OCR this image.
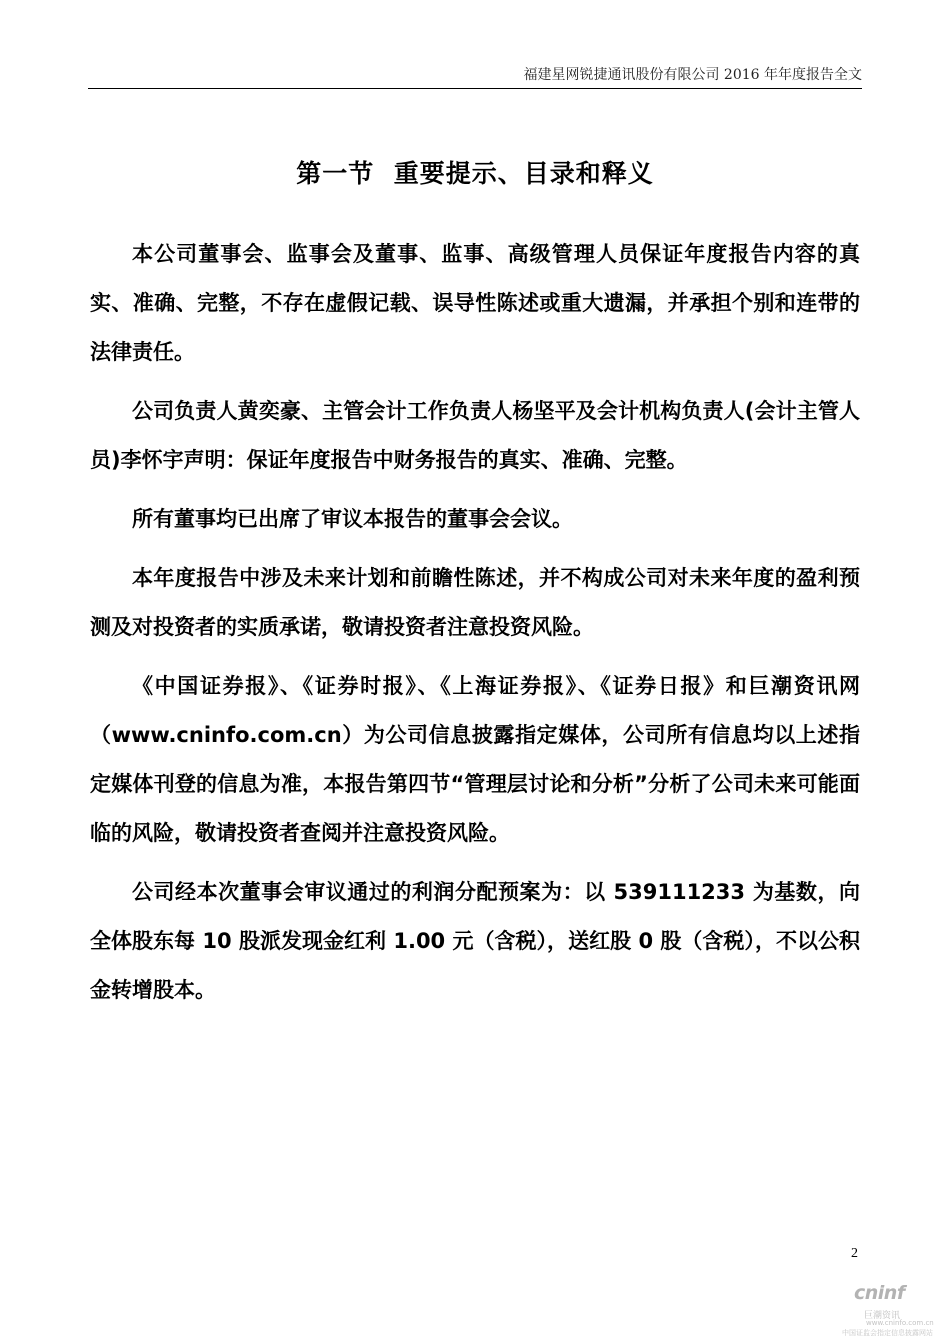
福建星网锐捷通讯股份有限公司 2016 年年度报告全文
第一节  重要提示、目录和释义

本公司董事会、监事会及董事、监事、高级管理人员保证年度报告内容的真实、准确、完整，不存在虚假记载、误导性陈述或重大遗漏，并承担个别和连带的法律责任。

公司负责人黄奕豪、主管会计工作负责人杨坚平及会计机构负责人(会计主管人员)李怀宇声明：保证年度报告中财务报告的真实、准确、完整。

所有董事均已出席了审议本报告的董事会会议。

本年度报告中涉及未来计划和前瞻性陈述，并不构成公司对未来年度的盈利预测及对投资者的实质承诺，敬请投资者注意投资风险。

《中国证券报》、《证券时报》、《上海证券报》、《证券日报》和巨潮资讯网（www.cninfo.com.cn）为公司信息披露指定媒体，公司所有信息均以上述指定媒体刊登的信息为准，本报告第四节“管理层讨论和分析”分析了公司未来可能面临的风险，敬请投资者查阅并注意投资风险。

公司经本次董事会审议通过的利润分配预案为：以 539111233 为基数，向全体股东每 10 股派发现金红利 1.00 元（含税），送红股 0 股（含税），不以公积金转增股本。

2
cninf
巨潮资讯
www.cninfo.com.cn
中国证监会指定信息披露网站
